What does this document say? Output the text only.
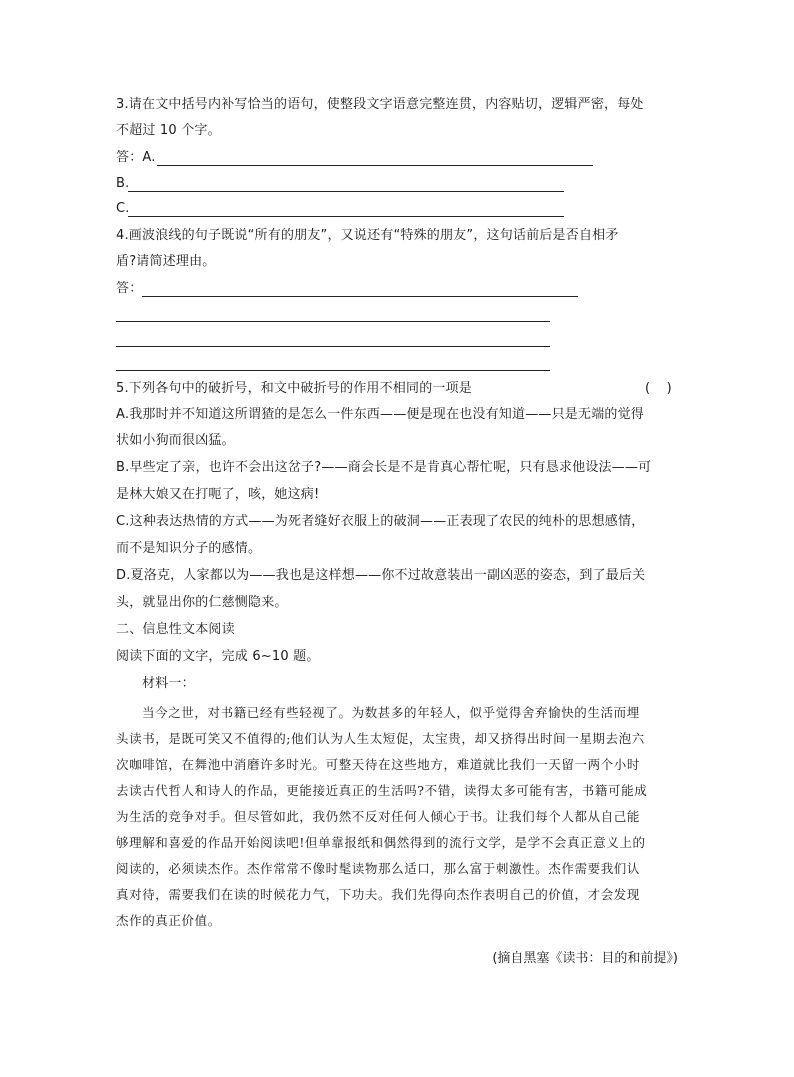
3.请在文中括号内补写恰当的语句，使整段文字语意完整连贯，内容贴切，逻辑严密，每处

不超过 10 个字。

答：A.

B.

C.

4.画波浪线的句子既说“所有的朋友”，又说还有“特殊的朋友”，这句话前后是否自相矛

盾?请简述理由。

答：

5.下列各句中的破折号，和文中破折号的作用不相同的一项是	(    )

A.我那时并不知道这所谓猹的是怎么一件东西——便是现在也没有知道——只是无端的觉得

状如小狗而很凶猛。

B.早些定了亲，也许不会出这岔子?——商会长是不是肯真心帮忙呢，只有恳求他设法——可

是林大娘又在打呃了，咳，她这病!

C.这种表达热情的方式——为死者缝好衣服上的破洞——正表现了农民的纯朴的思想感情，

而不是知识分子的感情。

D.夏洛克，人家都以为——我也是这样想——你不过故意装出一副凶恶的姿态，到了最后关

头，就显出你的仁慈恻隐来。

二、信息性文本阅读

阅读下面的文字，完成 6~10 题。

材料一：

当今之世，对书籍已经有些轻视了。为数甚多的年轻人，似乎觉得舍弃愉快的生活而埋

头读书，是既可笑又不值得的;他们认为人生太短促，太宝贵，却又挤得出时间一星期去泡六

次咖啡馆，在舞池中消磨许多时光。可整天待在这些地方，难道就比我们一天留一两个小时

去读古代哲人和诗人的作品，更能接近真正的生活吗?不错，读得太多可能有害，书籍可能成

为生活的竞争对手。但尽管如此，我仍然不反对任何人倾心于书。让我们每个人都从自己能

够理解和喜爱的作品开始阅读吧!但单靠报纸和偶然得到的流行文学，是学不会真正意义上的

阅读的，必须读杰作。杰作常常不像时髦读物那么适口，那么富于刺激性。杰作需要我们认

真对待，需要我们在读的时候花力气，下功夫。我们先得向杰作表明自己的价值，才会发现

杰作的真正价值。

(摘自黑塞《读书：目的和前提》)
